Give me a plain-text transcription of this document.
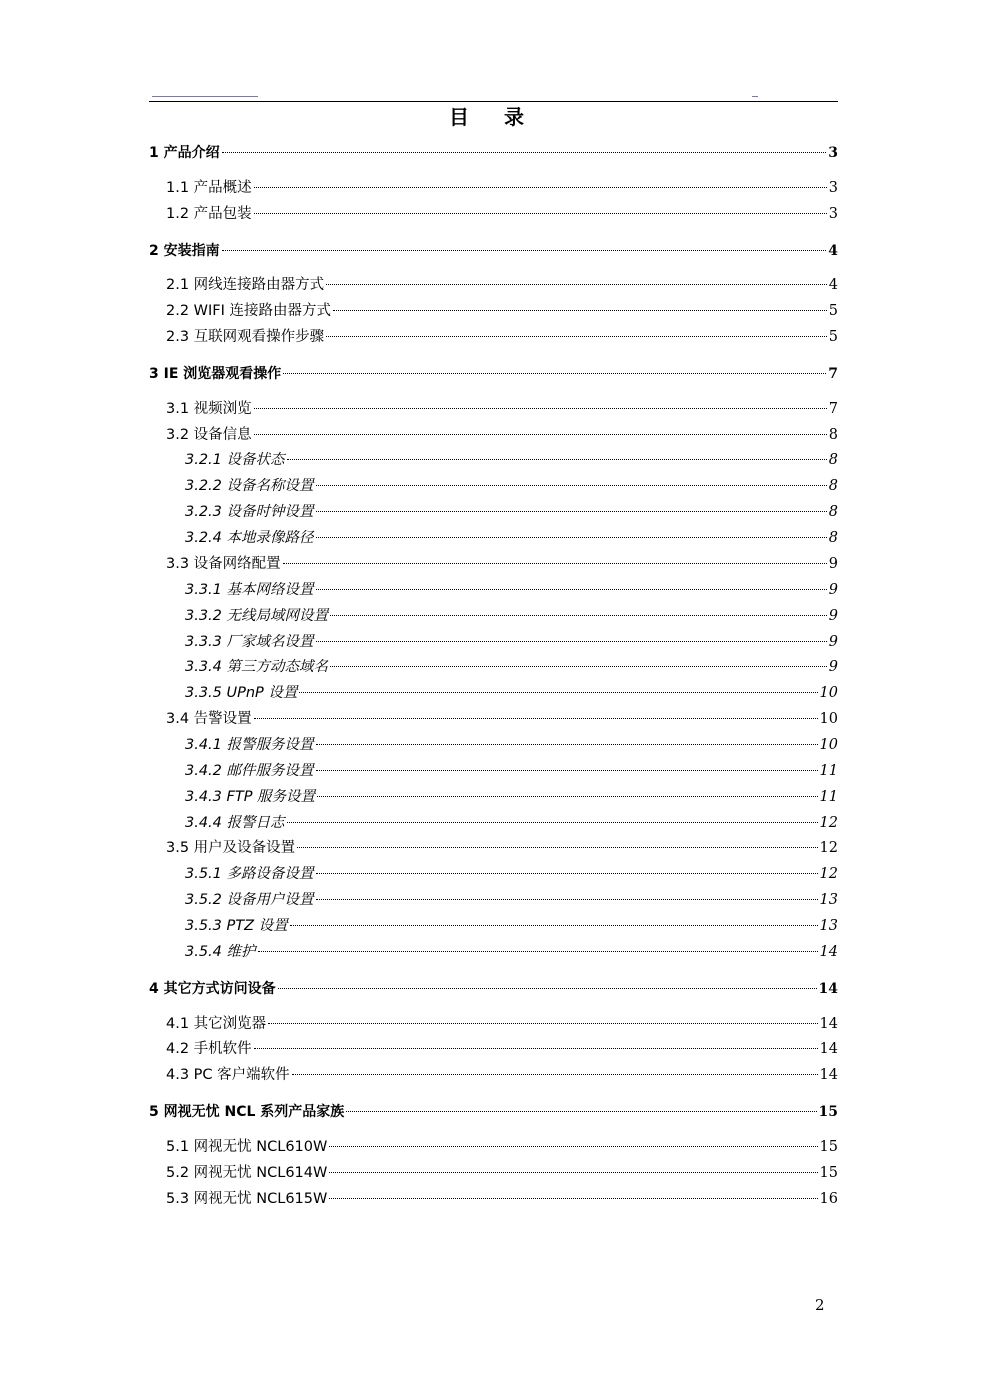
目 录
1 产品介绍	3
1.1 产品概述	3
1.2 产品包装	3
2 安装指南	4
2.1 网线连接路由器方式	4
2.2 WIFI 连接路由器方式	5
2.3 互联网观看操作步骤	5
3 IE 浏览器观看操作	7
3.1 视频浏览	7
3.2 设备信息	8
3.2.1 设备状态	8
3.2.2 设备名称设置	8
3.2.3 设备时钟设置	8
3.2.4 本地录像路径	8
3.3 设备网络配置	9
3.3.1 基本网络设置	9
3.3.2 无线局域网设置	9
3.3.3 厂家域名设置	9
3.3.4 第三方动态域名	9
3.3.5 UPnP 设置	10
3.4 告警设置	10
3.4.1 报警服务设置	10
3.4.2 邮件服务设置	11
3.4.3 FTP 服务设置	11
3.4.4 报警日志	12
3.5 用户及设备设置	12
3.5.1 多路设备设置	12
3.5.2 设备用户设置	13
3.5.3 PTZ 设置	13
3.5.4 维护	14
4 其它方式访问设备	14
4.1 其它浏览器	14
4.2 手机软件	14
4.3 PC 客户端软件	14
5 网视无忧 NCL 系列产品家族	15
5.1 网视无忧 NCL610W	15
5.2 网视无忧 NCL614W	15
5.3 网视无忧 NCL615W	16
2
